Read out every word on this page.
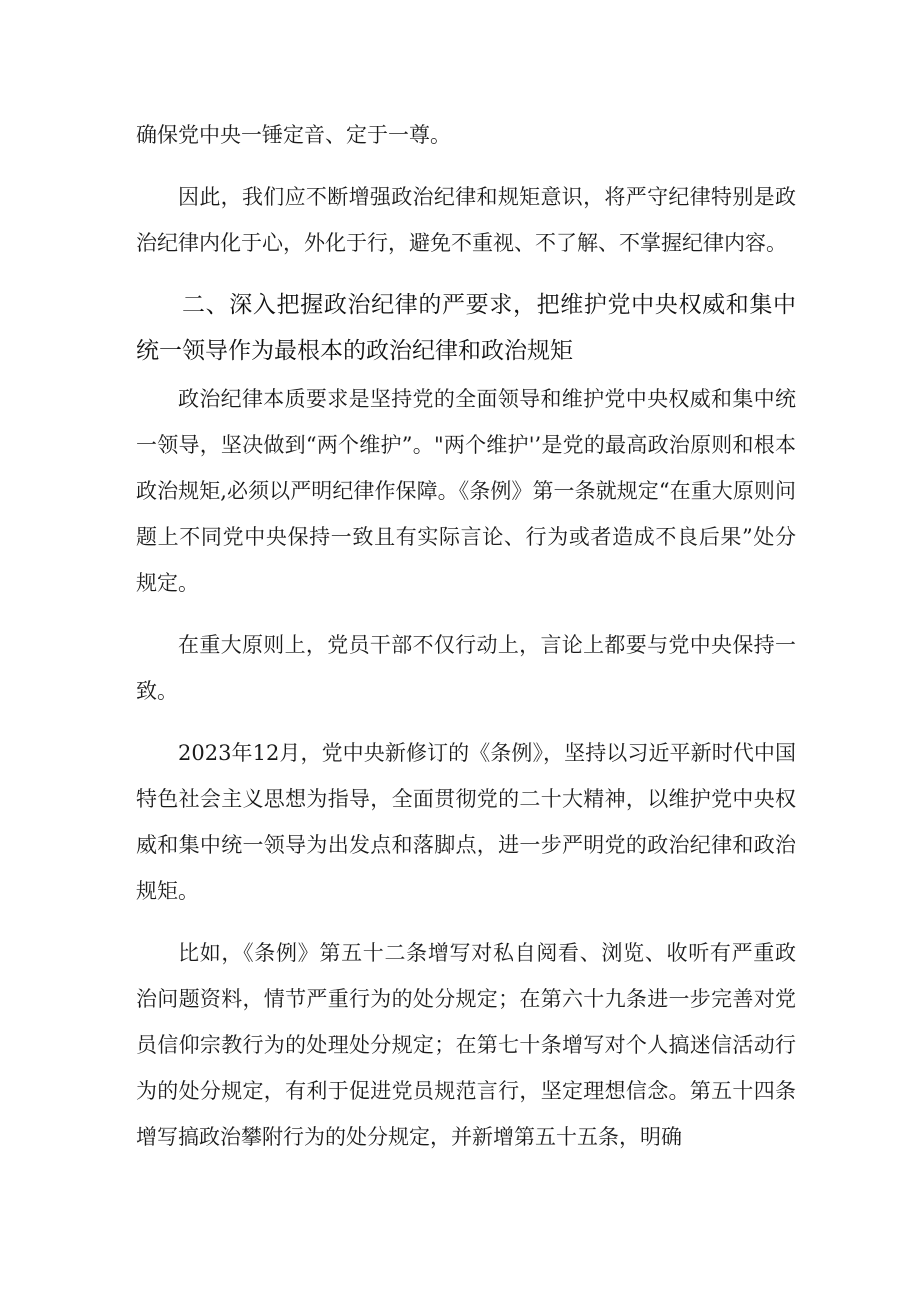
确保党中央一锤定音、定于一尊。

因此，我们应不断增强政治纪律和规矩意识，将严守纪律特别是政治纪律内化于心，外化于行，避免不重视、不了解、不掌握纪律内容。

二、深入把握政治纪律的严要求，把维护党中央权威和集中统一领导作为最根本的政治纪律和政治规矩

政治纪律本质要求是坚持党的全面领导和维护党中央权威和集中统一领导，坚决做到“两个维护”。"两个维护'’是党的最高政治原则和根本政治规矩,必须以严明纪律作保障。《条例》第一条就规定“在重大原则问题上不同党中央保持一致且有实际言论、行为或者造成不良后果”处分规定。

在重大原则上，党员干部不仅行动上，言论上都要与党中央保持一致。

2023年12月，党中央新修订的《条例》，坚持以习近平新时代中国特色社会主义思想为指导，全面贯彻党的二十大精神，以维护党中央权威和集中统一领导为出发点和落脚点，进一步严明党的政治纪律和政治规矩。

比如，《条例》第五十二条增写对私自阅看、浏览、收听有严重政治问题资料，情节严重行为的处分规定；在第六十九条进一步完善对党员信仰宗教行为的处理处分规定；在第七十条增写对个人搞迷信活动行为的处分规定，有利于促进党员规范言行，坚定理想信念。第五十四条增写搞政治攀附行为的处分规定，并新增第五十五条，明确
